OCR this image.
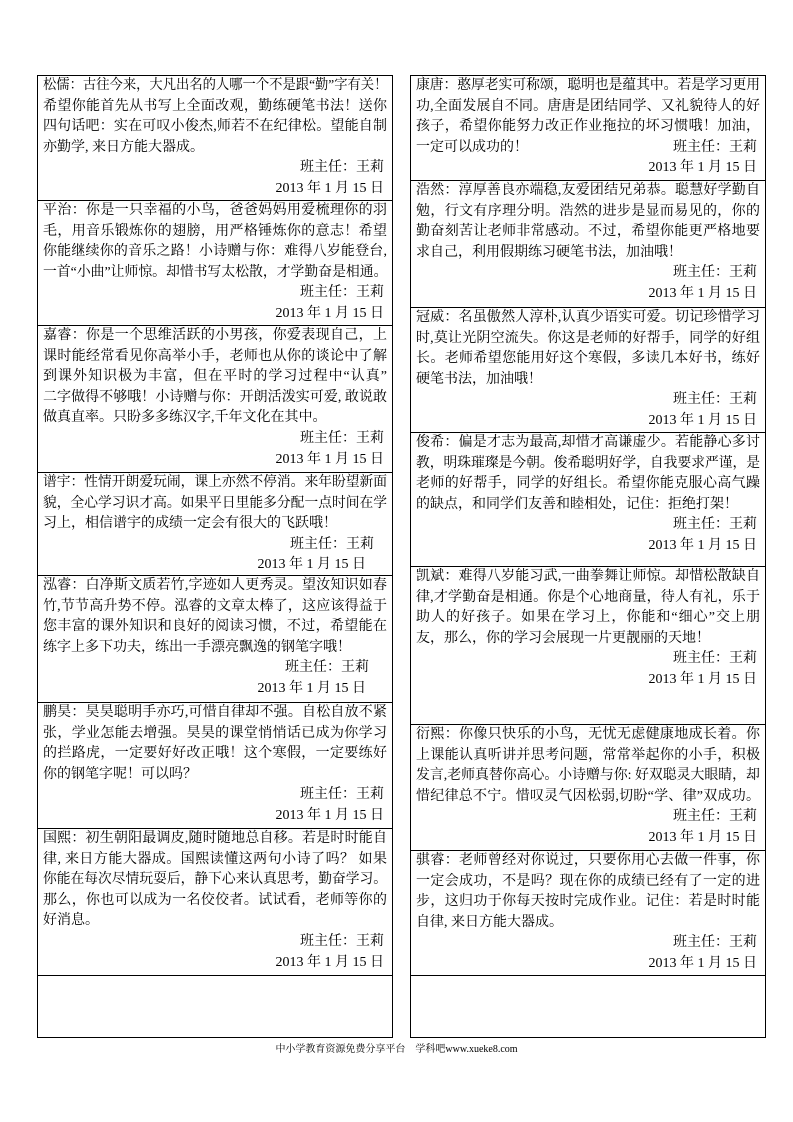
松儒：古往今来，大凡出名的人哪一个不是跟“勤”字有关！
希望你能首先从书写上全面改观，勤练硬笔书法！送你
四句话吧：实在可叹小俊杰,师若不在纪律松。望能自制
亦勤学, 来日方能大器成。
班主任：王莉
2013 年 1 月 15 日
平治：你是一只幸福的小鸟，爸爸妈妈用爱梳理你的羽
毛，用音乐锻炼你的翅膀，用严格锤炼你的意志！希望
你能继续你的音乐之路！小诗赠与你：难得八岁能登台,
一首“小曲”让师惊。却惜书写太松散，才学勤奋是相通。
班主任：王莉
2013 年 1 月 15 日
嘉睿：你是一个思维活跃的小男孩，你爱表现自己，上
课时能经常看见你高举小手，老师也从你的谈论中了解
到课外知识极为丰富，但在平时的学习过程中“认真”
二字做得不够哦！小诗赠与你：开朗活泼实可爱, 敢说敢
做真直率。只盼多多练汉字,千年文化在其中。
班主任：王莉
2013 年 1 月 15 日
谱宇：性情开朗爱玩闹，课上亦然不停消。来年盼望新面
貌，全心学习识才高。如果平日里能多分配一点时间在学
习上，相信谱宇的成绩一定会有很大的飞跃哦！
班主任：王莉
2013 年 1 月 15 日
泓睿：白净斯文质若竹,字迹如人更秀灵。望汝知识如春
竹,节节高升势不停。泓睿的文章太棒了，这应该得益于
您丰富的课外知识和良好的阅读习惯，不过，希望能在
练字上多下功夫，练出一手漂亮飘逸的钢笔字哦！
班主任：王莉
2013 年 1 月 15 日
鹏昊：昊昊聪明手亦巧,可惜自律却不强。自松自放不紧
张，学业怎能去增强。昊昊的课堂悄悄话已成为你学习
的拦路虎，一定要好好改正哦！这个寒假，一定要练好
你的钢笔字呢！可以吗？
班主任：王莉
2013 年 1 月 15 日
国熙：初生朝阳最调皮,随时随地总自移。若是时时能自
律, 来日方能大器成。国熙读懂这两句小诗了吗？ 如果
你能在每次尽情玩耍后，静下心来认真思考，勤奋学习。
那么，你也可以成为一名佼佼者。试试看，老师等你的
好消息。
班主任：王莉
2013 年 1 月 15 日
康唐：憨厚老实可称颂，聪明也是蕴其中。若是学习更用
功,全面发展自不同。唐唐是团结同学、又礼貌待人的好
孩子，希望你能努力改正作业拖拉的坏习惯哦！加油，
一定可以成功的！	班主任：王莉
2013 年 1 月 15 日
浩然：淳厚善良亦端稳,友爱团结兄弟恭。聪慧好学勤自
勉，行文有序理分明。浩然的进步是显而易见的，你的
勤奋刻苦让老师非常感动。不过，希望你能更严格地要
求自己，利用假期练习硬笔书法，加油哦！
班主任：王莉
2013 年 1 月 15 日
冠威：名虽傲然人淳朴,认真少语实可爱。切记珍惜学习
时,莫让光阴空流失。你这是老师的好帮手，同学的好组
长。老师希望您能用好这个寒假，多读几本好书，练好
硬笔书法，加油哦！
班主任：王莉
2013 年 1 月 15 日
俊希：偏是才志为最高,却惜才高谦虚少。若能静心多讨
教，明珠璀璨是今朝。俊希聪明好学，自我要求严谨，是
老师的好帮手，同学的好组长。希望你能克服心高气躁
的缺点，和同学们友善和睦相处，记住：拒绝打架！
班主任：王莉
2013 年 1 月 15 日
凯斌：难得八岁能习武,一曲拳舞让师惊。却惜松散缺自
律,才学勤奋是相通。你是个心地商量，待人有礼，乐于
助人的好孩子。如果在学习上，你能和“细心”交上朋
友，那么，你的学习会展现一片更靓丽的天地！
班主任：王莉
2013 年 1 月 15 日
衍熙：你像只快乐的小鸟，无忧无虑健康地成长着。你
上课能认真听讲并思考问题，常常举起你的小手，积极
发言,老师真替你高心。小诗赠与你: 好双聪灵大眼睛，却
惜纪律总不宁。惜叹灵气因松弱,切盼“学、律”双成功。
班主任：王莉
2013 年 1 月 15 日
骐睿：老师曾经对你说过，只要你用心去做一件事，你
一定会成功，不是吗？现在你的成绩已经有了一定的进
步，这归功于你每天按时完成作业。记住：若是时时能
自律, 来日方能大器成。
班主任：王莉
2013 年 1 月 15 日
中小学教育资源免费分享平台　学科吧www.xueke8.com
